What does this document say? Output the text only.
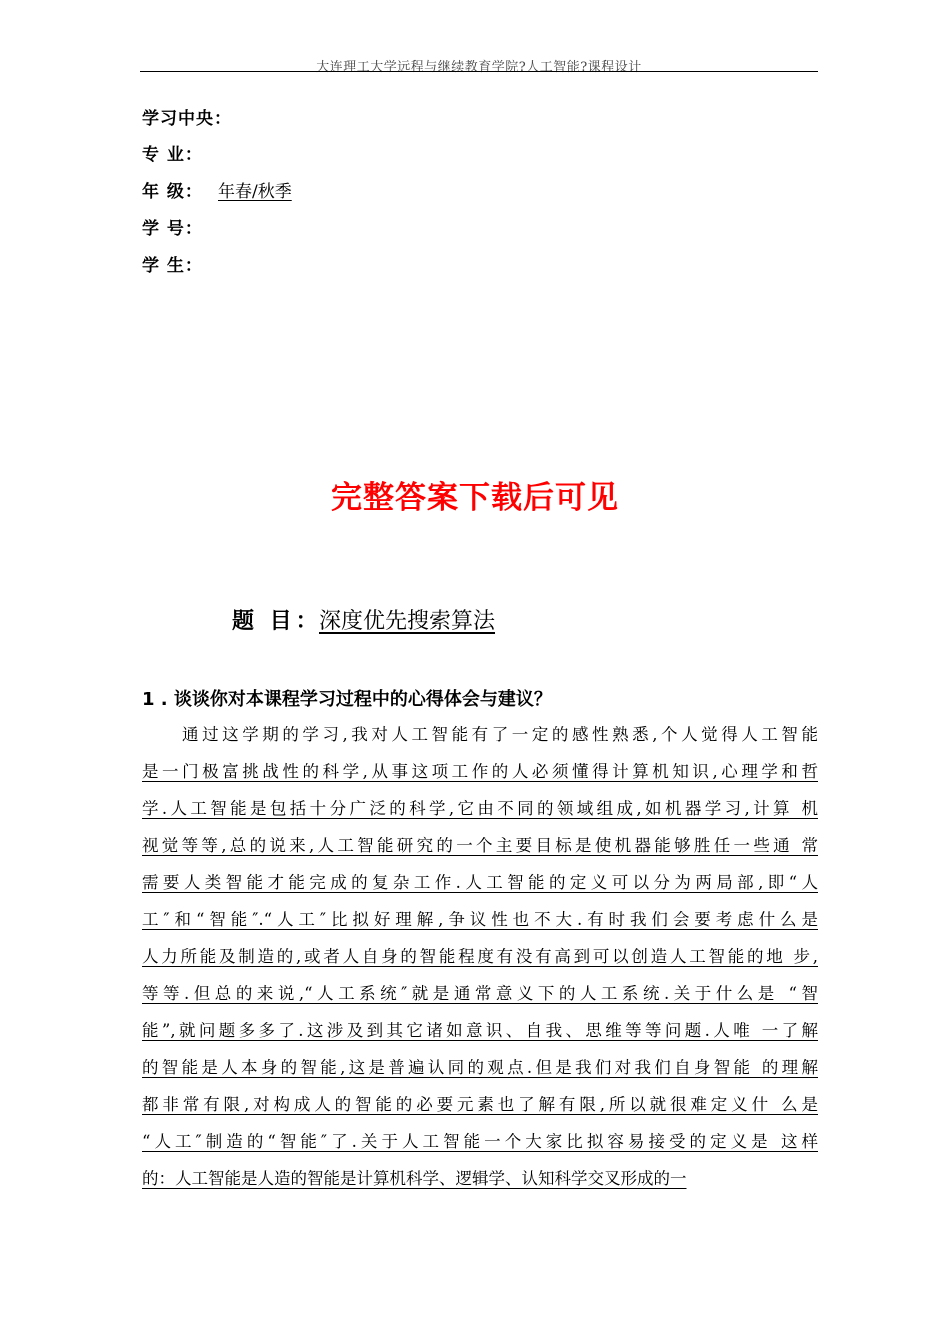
大连理工大学远程与继续教育学院?人工智能?课程设计
学习中央：
专 业：
年 级： 年春/秋季
学 号：
学 生：
完整答案下载后可见
题 目：
深度优先搜索算法
1 . 谈谈你对本课程学习过程中的心得体会与建议？
通过这学期的学习,我对人工智能有了一定的感性熟悉,个人觉得人工智能
是一门极富挑战性的科学,从事这项工作的人必须懂得计算机知识,心理学和哲
学.人工智能是包括十分广泛的科学,它由不同的领域组成,如机器学习,计算 机
视觉等等,总的说来,人工智能研究的一个主要目标是使机器能够胜任一些通 常
需要人类智能才能完成的复杂工作.人工智能的定义可以分为两局部,即“人
工″和“智能″.“人工″比拟好理解,争议性也不大.有时我们会要考虑什么是
人力所能及制造的,或者人自身的智能程度有没有高到可以创造人工智能的地 步,
等等.但总的来说,“人工系统″就是通常意义下的人工系统.关于什么是 “智
能”,就问题多多了.这涉及到其它诸如意识、自我、思维等等问题.人唯 一了解
的智能是人本身的智能,这是普遍认同的观点.但是我们对我们自身智能 的理解
都非常有限,对构成人的智能的必要元素也了解有限,所以就很难定义什 么是
“人工″制造的“智能″了.关于人工智能一个大家比拟容易接受的定义是 这样
的：人工智能是人造的智能是计算机科学、逻辑学、认知科学交叉形成的一
